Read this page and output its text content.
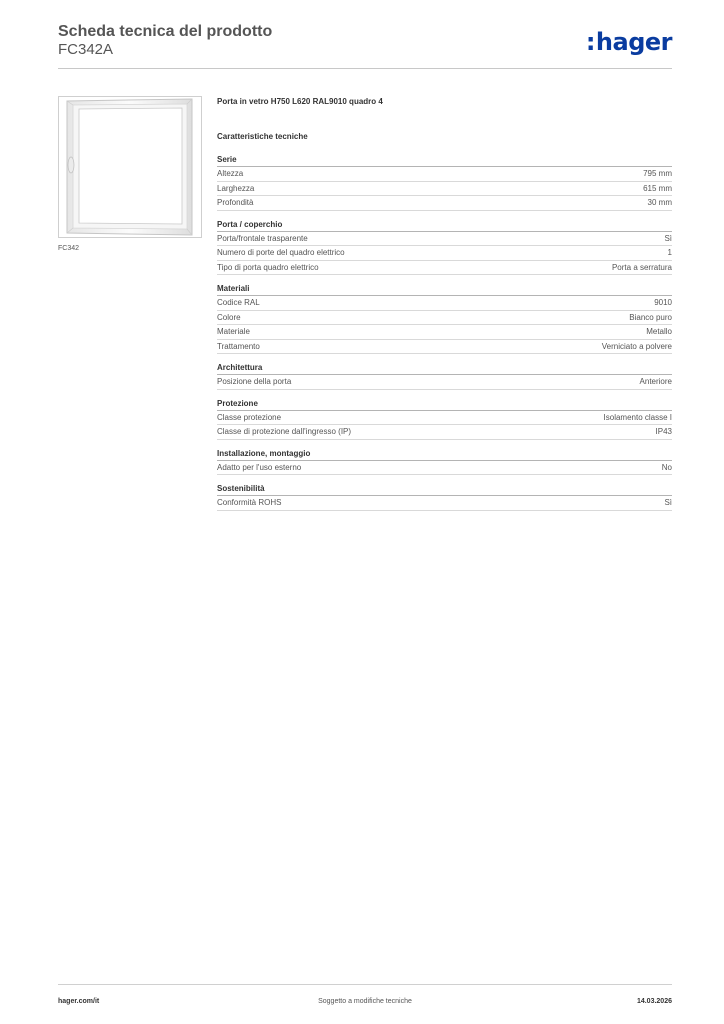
Scheda tecnica del prodotto
FC342A	:hager
FC342
Porta in vetro H750 L620 RAL9010 quadro 4
Caratteristiche tecniche
Serie
Altezza	795 mm
Larghezza	615 mm
Profondità	30 mm
Porta / coperchio
Porta/frontale trasparente	Sì
Numero di porte del quadro elettrico	1
Tipo di porta quadro elettrico	Porta a serratura
Materiali
Codice RAL	9010
Colore	Bianco puro
Materiale	Metallo
Trattamento	Verniciato a polvere
Architettura
Posizione della porta	Anteriore
Protezione
Classe protezione	Isolamento classe I
Classe di protezione dall'ingresso (IP)	IP43
Installazione, montaggio
Adatto per l'uso esterno	No
Sostenibilità
Conformità ROHS	Sì
hager.com/it	Soggetto a modifiche tecniche	14.03.2026
